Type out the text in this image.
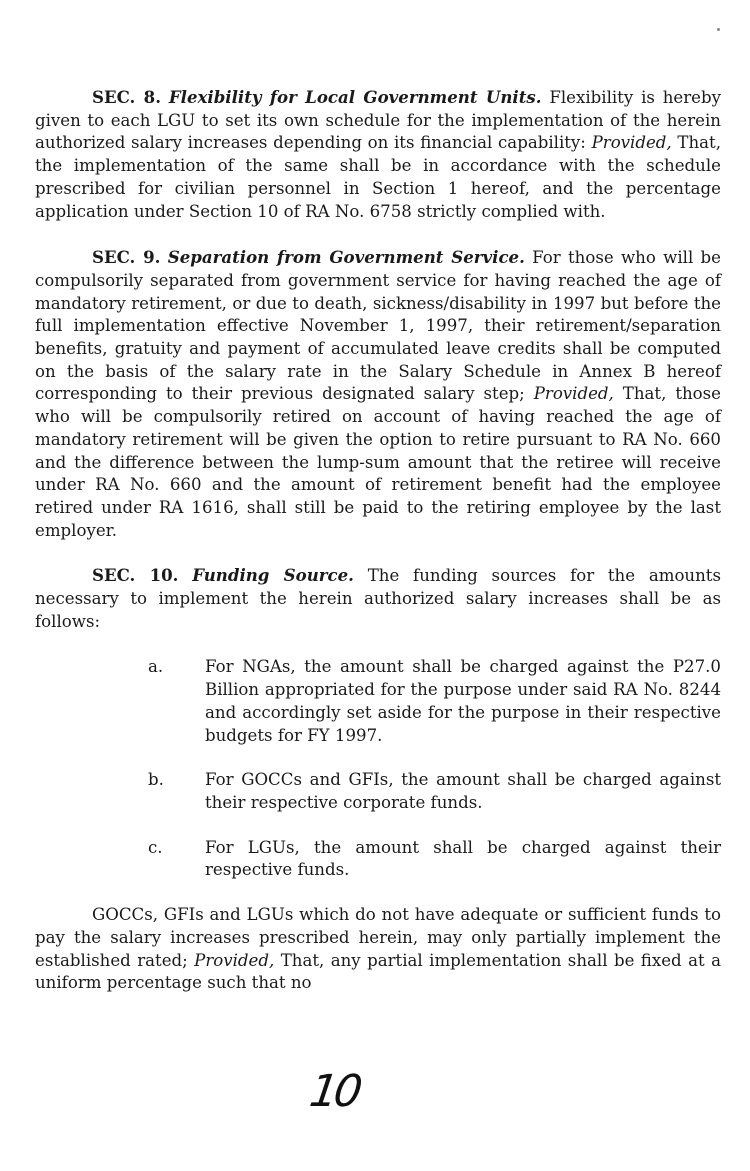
SEC. 8. Flexibility for Local Government Units. Flexibility is hereby given to each LGU to set its own schedule for the implementation of the herein authorized salary increases depending on its financial capability: Provided, That, the implementation of the same shall be in accordance with the schedule prescribed for civilian personnel in Section 1 hereof, and the percentage application under Section 10 of RA No. 6758 strictly complied with.

SEC. 9. Separation from Government Service. For those who will be compulsorily separated from government service for having reached the age of mandatory retirement, or due to death, sickness/disability in 1997 but before the full implementation effective November 1, 1997, their retirement/separation benefits, gratuity and payment of accumulated leave credits shall be computed on the basis of the salary rate in the Salary Schedule in Annex B hereof corresponding to their previous designated salary step; Provided, That, those who will be compulsorily retired on account of having reached the age of mandatory retirement will be given the option to retire pursuant to RA No. 660 and the difference between the lump-sum amount that the retiree will receive under RA No. 660 and the amount of retirement benefit had the employee retired under RA 1616, shall still be paid to the retiring employee by the last employer.

SEC. 10. Funding Source. The funding sources for the amounts necessary to implement the herein authorized salary increases shall be as follows:

a.	For NGAs, the amount shall be charged against the P27.0 Billion appropriated for the purpose under said RA No. 8244 and accordingly set aside for the purpose in their respective budgets for FY 1997.

b. For GOCCs and GFIs, the amount shall be charged against their respective corporate funds.

c.	For LGUs, the amount shall be charged against their respective funds.

GOCCs, GFIs and LGUs which do not have adequate or sufficient funds to pay the salary increases prescribed herein, may only partially implement the established rated; Provided, That, any partial implementation shall be fixed at a uniform percentage such that no

10
